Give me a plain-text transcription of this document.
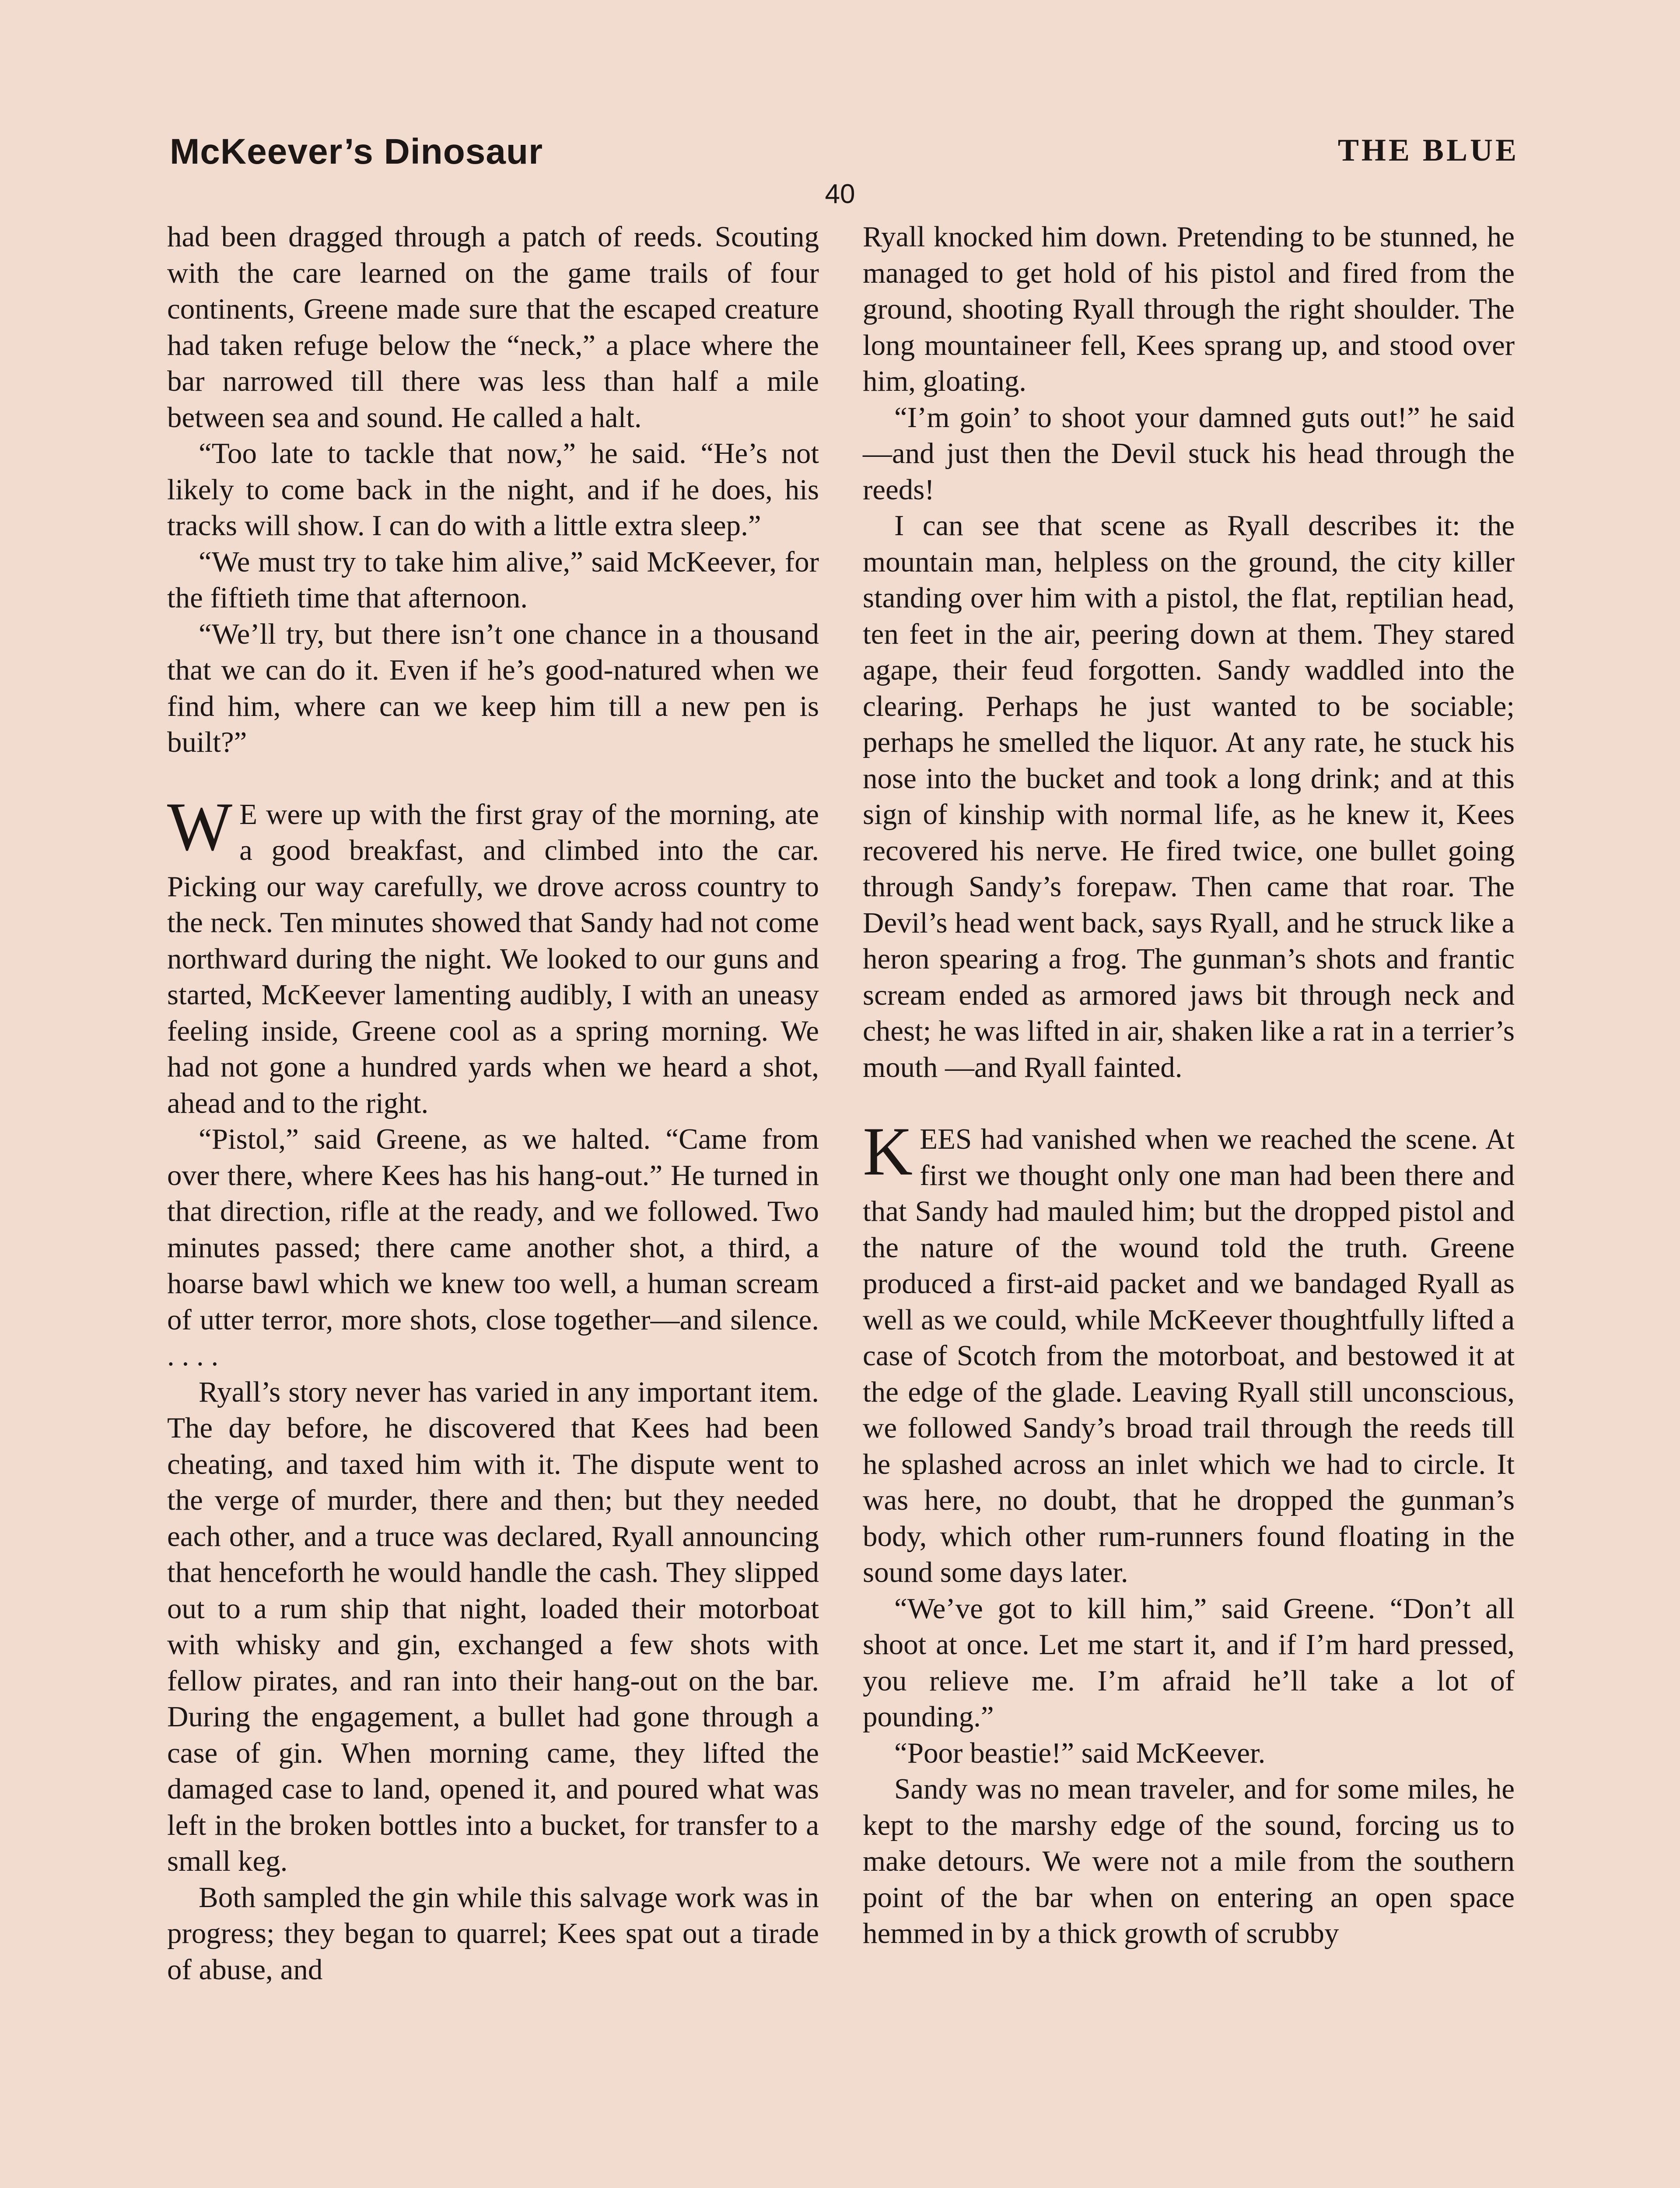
McKeever’s Dinosaur	THE BLUE
40

had been dragged through a patch of reeds. Scouting with the care learned on the game trails of four continents, Greene made sure that the escaped creature had taken refuge below the “neck,” a place where the bar narrowed till there was less than half a mile between sea and sound. He called a halt.

“Too late to tackle that now,” he said. “He’s not likely to come back in the night, and if he does, his tracks will show. I can do with a little extra sleep.”

“We must try to take him alive,” said McKeever, for the fiftieth time that afternoon.

“We’ll try, but there isn’t one chance in a thousand that we can do it. Even if he’s good-natured when we find him, where can we keep him till a new pen is built?”

W E were up with the first gray of the morning, ate a good breakfast, and climbed into the car. Picking our way carefully, we drove across country to the neck. Ten minutes showed that Sandy had not come northward during the night. We looked to our guns and started, McKeever lamenting audibly, I with an uneasy feeling inside, Greene cool as a spring morning. We had not gone a hundred yards when we heard a shot, ahead and to the right.

“Pistol,” said Greene, as we halted. “Came from over there, where Kees has his hang-out.” He turned in that direction, rifle at the ready, and we followed. Two minutes passed; there came another shot, a third, a hoarse bawl which we knew too well, a human scream of utter terror, more shots, close together—and silence. . . . .

Ryall’s story never has varied in any important item. The day before, he discovered that Kees had been cheating, and taxed him with it. The dispute went to the verge of murder, there and then; but they needed each other, and a truce was declared, Ryall announcing that henceforth he would handle the cash. They slipped out to a rum ship that night, loaded their motorboat with whisky and gin, exchanged a few shots with fellow pirates, and ran into their hang-out on the bar. During the engagement, a bullet had gone through a case of gin. When morning came, they lifted the damaged case to land, opened it, and poured what was left in the broken bottles into a bucket, for transfer to a small keg.

Both sampled the gin while this salvage work was in progress; they began to quarrel; Kees spat out a tirade of abuse, and

Ryall knocked him down. Pretending to be stunned, he managed to get hold of his pistol and fired from the ground, shooting Ryall through the right shoulder. The long mountaineer fell, Kees sprang up, and stood over him, gloating.

“I’m goin’ to shoot your damned guts out!” he said—and just then the Devil stuck his head through the reeds!

I can see that scene as Ryall describes it: the mountain man, helpless on the ground, the city killer standing over him with a pistol, the flat, reptilian head, ten feet in the air, peering down at them. They stared agape, their feud forgotten. Sandy waddled into the clearing. Perhaps he just wanted to be sociable; perhaps he smelled the liquor. At any rate, he stuck his nose into the bucket and took a long drink; and at this sign of kinship with normal life, as he knew it, Kees recovered his nerve. He fired twice, one bullet going through Sandy’s forepaw. Then came that roar. The Devil’s head went back, says Ryall, and he struck like a heron spearing a frog. The gunman’s shots and frantic scream ended as armored jaws bit through neck and chest; he was lifted in air, shaken like a rat in a terrier’s mouth —and Ryall fainted.

KEES had vanished when we reached the scene. At first we thought only one man had been there and that Sandy had mauled him; but the dropped pistol and the nature of the wound told the truth. Greene produced a first-aid packet and we bandaged Ryall as well as we could, while McKeever thoughtfully lifted a case of Scotch from the motorboat, and bestowed it at the edge of the glade. Leaving Ryall still unconscious, we followed Sandy’s broad trail through the reeds till he splashed across an inlet which we had to circle. It was here, no doubt, that he dropped the gunman’s body, which other rum-runners found floating in the sound some days later.

“We’ve got to kill him,” said Greene. “Don’t all shoot at once. Let me start it, and if I’m hard pressed, you relieve me. I’m afraid he’ll take a lot of pounding.”

“Poor beastie!” said McKeever.

Sandy was no mean traveler, and for some miles, he kept to the marshy edge of the sound, forcing us to make detours. We were not a mile from the southern point of the bar when on entering an open space hemmed in by a thick growth of scrubby
